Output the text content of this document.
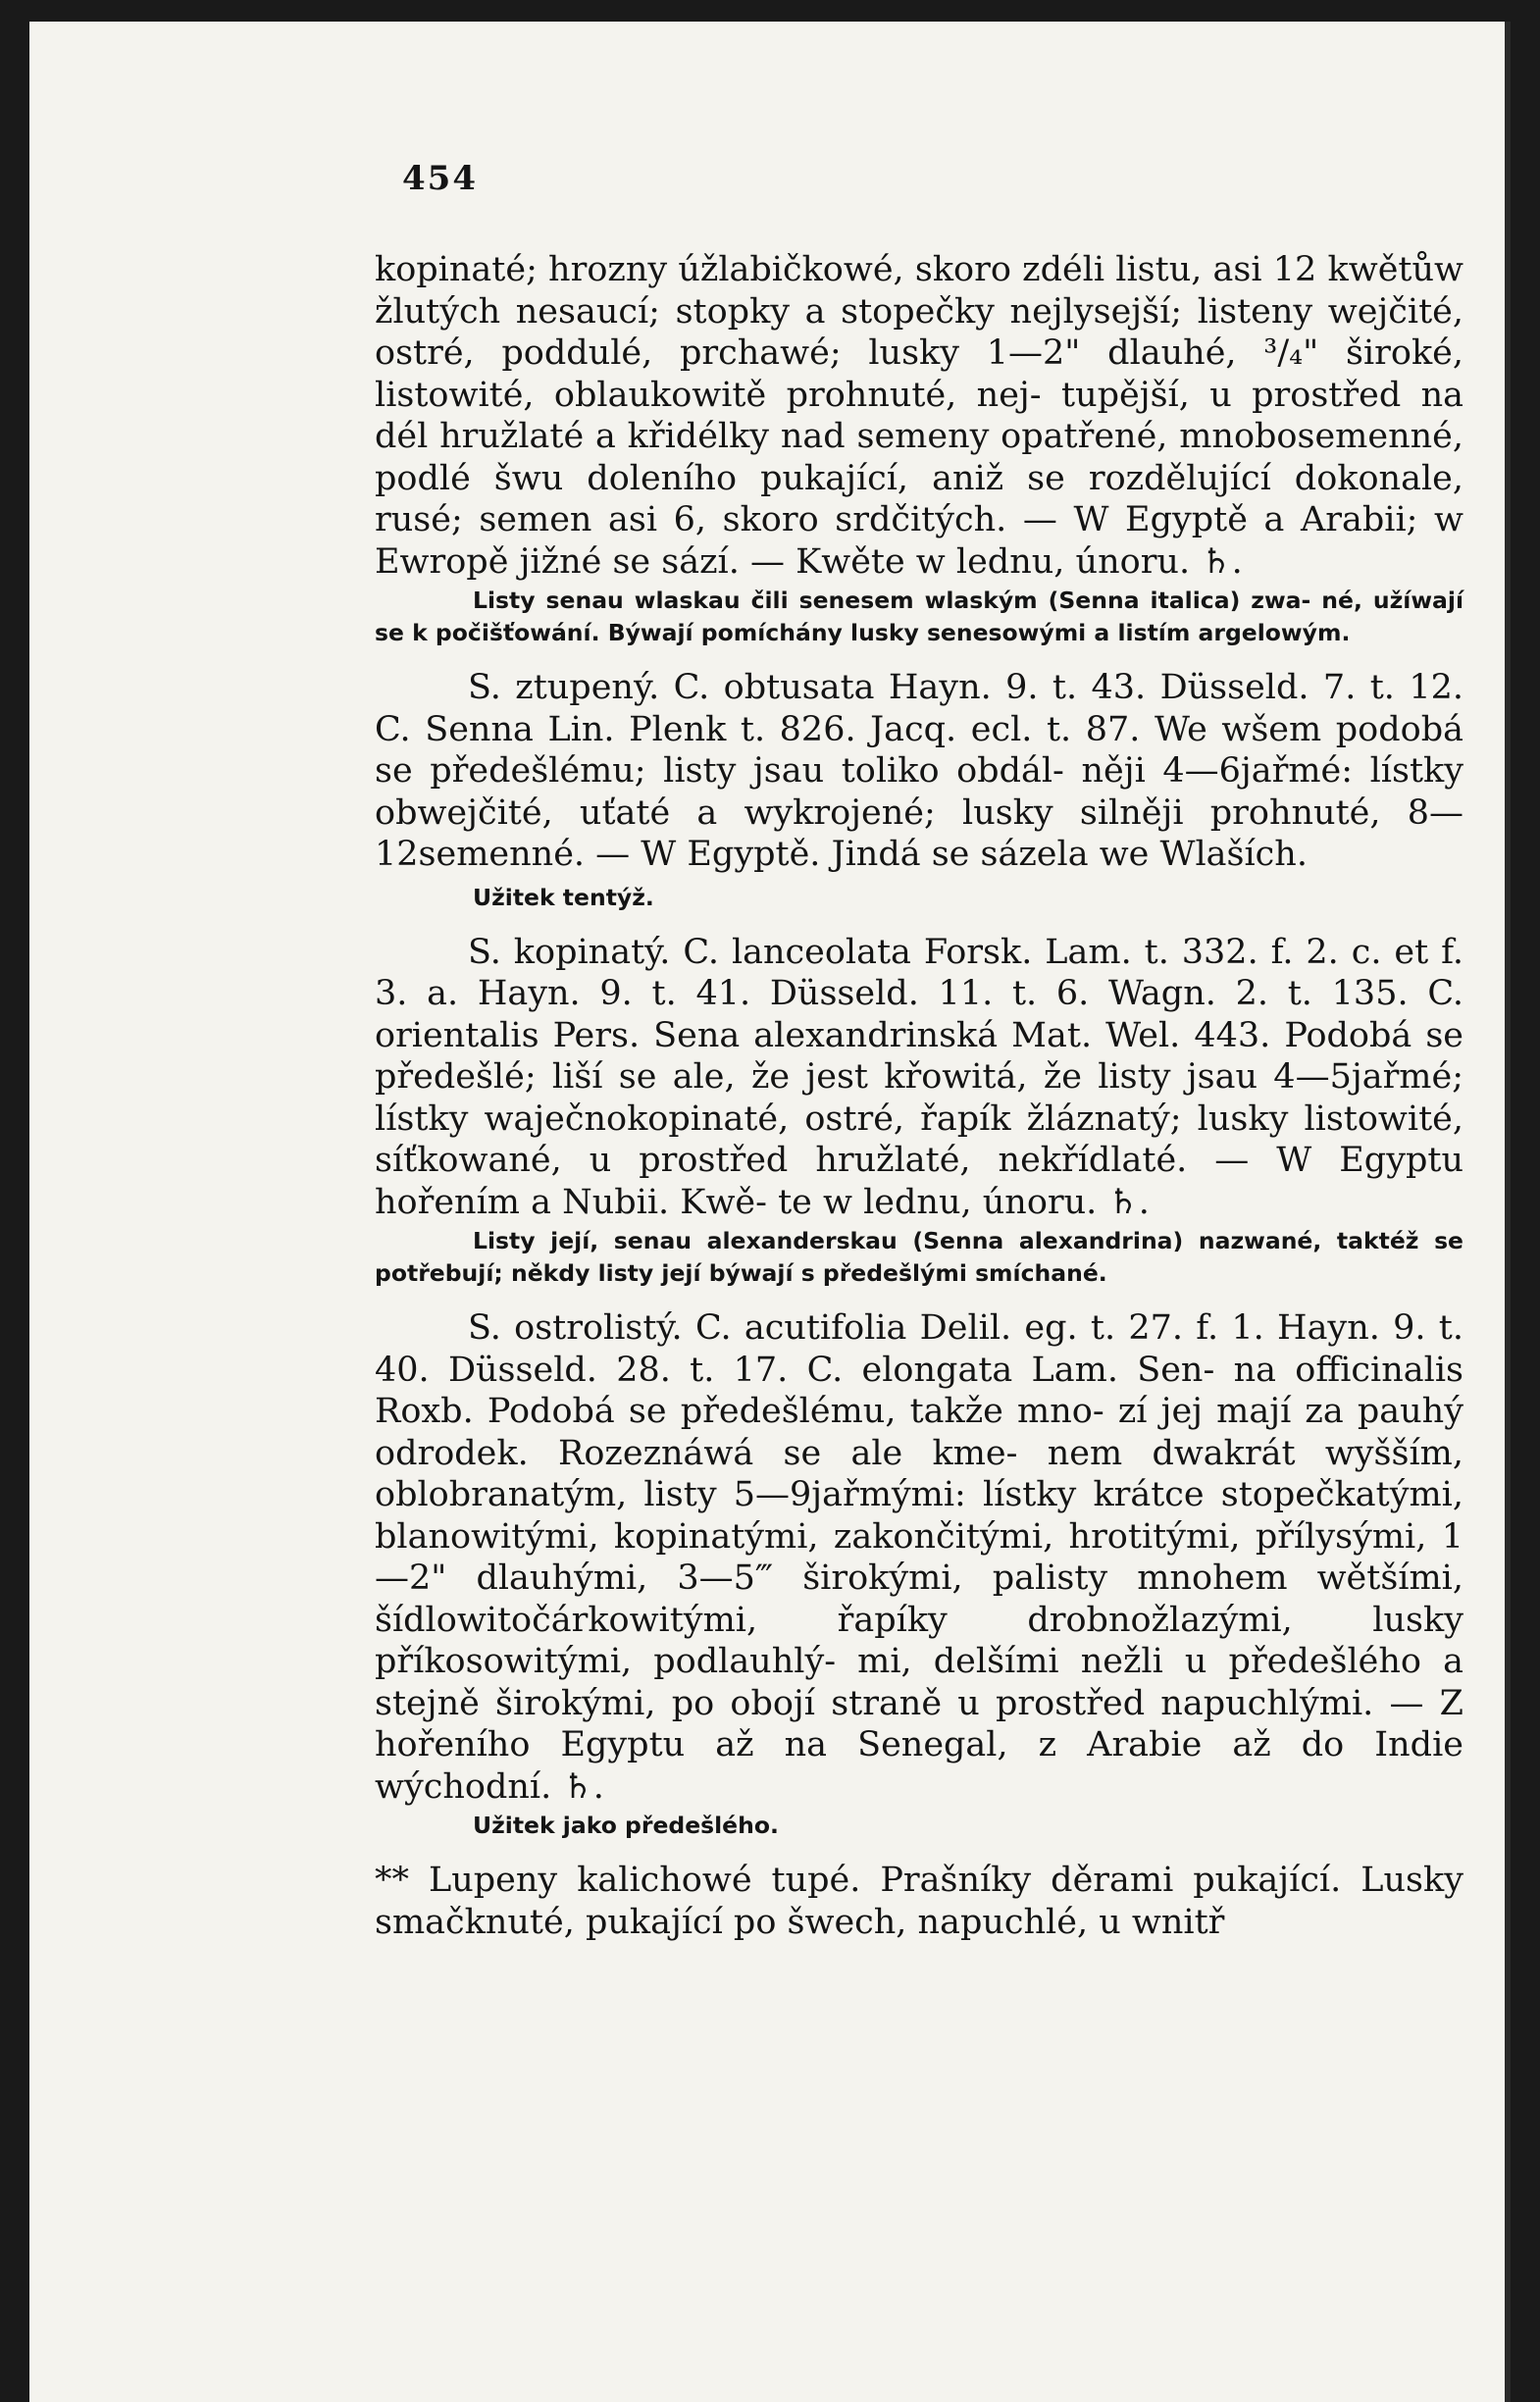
454

kopinaté; hrozny úžlabičkowé, skoro zdéli listu, asi 12 kwětůw žlutých nesaucí; stopky a stopečky nejlysejší; listeny wejčité, ostré, poddulé, prchawé; lusky 1—2" dlauhé, ³/₄" široké, listowité, oblaukowitě prohnuté, nej- tupější, u prostřed na dél hružlaté a křidélky nad semeny opatřené, mnobosemenné, podlé šwu doleního pukající, aniž se rozdělující dokonale, rusé; semen asi 6, skoro srdčitých. — W Egyptě a Arabii; w Ewropě jižné se sází. — Kwěte w lednu, únoru. ♄.

Listy senau wlaskau čili senesem wlaským (Senna italica) zwa- né, užíwají se k počišťowání. Býwají pomíchány lusky senesowými a listím argelowým.

S. ztupený. C. obtusata Hayn. 9. t. 43. Düsseld. 7. t. 12. C. Senna Lin. Plenk t. 826. Jacq. ecl. t. 87. We wšem podobá se předešlému; listy jsau toliko obdál- něji 4—6jařmé: lístky obwejčité, uťaté a wykrojené; lusky silněji prohnuté, 8—12semenné. — W Egyptě. Jindá se sázela we Wlaších.

Užitek tentýž.

S. kopinatý. C. lanceolata Forsk. Lam. t. 332. f. 2. c. et f. 3. a. Hayn. 9. t. 41. Düsseld. 11. t. 6. Wagn. 2. t. 135. C. orientalis Pers. Sena alexandrinská Mat. Wel. 443. Podobá se předešlé; liší se ale, že jest křowitá, že listy jsau 4—5jařmé; lístky waječnokopinaté, ostré, řapík žláznatý; lusky listowité, síťkowané, u prostřed hružlaté, nekřídlaté. — W Egyptu hořením a Nubii. Kwě- te w lednu, únoru. ♄.

Listy její, senau alexanderskau (Senna alexandrina) nazwané, taktéž se potřebují; někdy listy její býwají s předešlými smíchané.

S. ostrolistý. C. acutifolia Delil. eg. t. 27. f. 1. Hayn. 9. t. 40. Düsseld. 28. t. 17. C. elongata Lam. Sen- na officinalis Roxb. Podobá se předešlému, takže mno- zí jej mají za pauhý odrodek. Rozeznáwá se ale kme- nem dwakrát wyšším, oblobranatým, listy 5—9jařmými: lístky krátce stopečkatými, blanowitými, kopinatými, zakončitými, hrotitými, přílysými, 1—2" dlauhými, 3—5‴ širokými, palisty mnohem wětšími, šídlowitočárkowitými, řapíky drobnožlazými, lusky příkosowitými, podlauhlý- mi, delšími nežli u předešlého a stejně širokými, po obojí straně u prostřed napuchlými. — Z hořeního Egyptu až na Senegal, z Arabie až do Indie wýchodní. ♄.

Užitek jako předešlého.

** Lupeny kalichowé tupé. Prašníky děrami pukající. Lusky smačknuté, pukající po šwech, napuchlé, u wnitř
